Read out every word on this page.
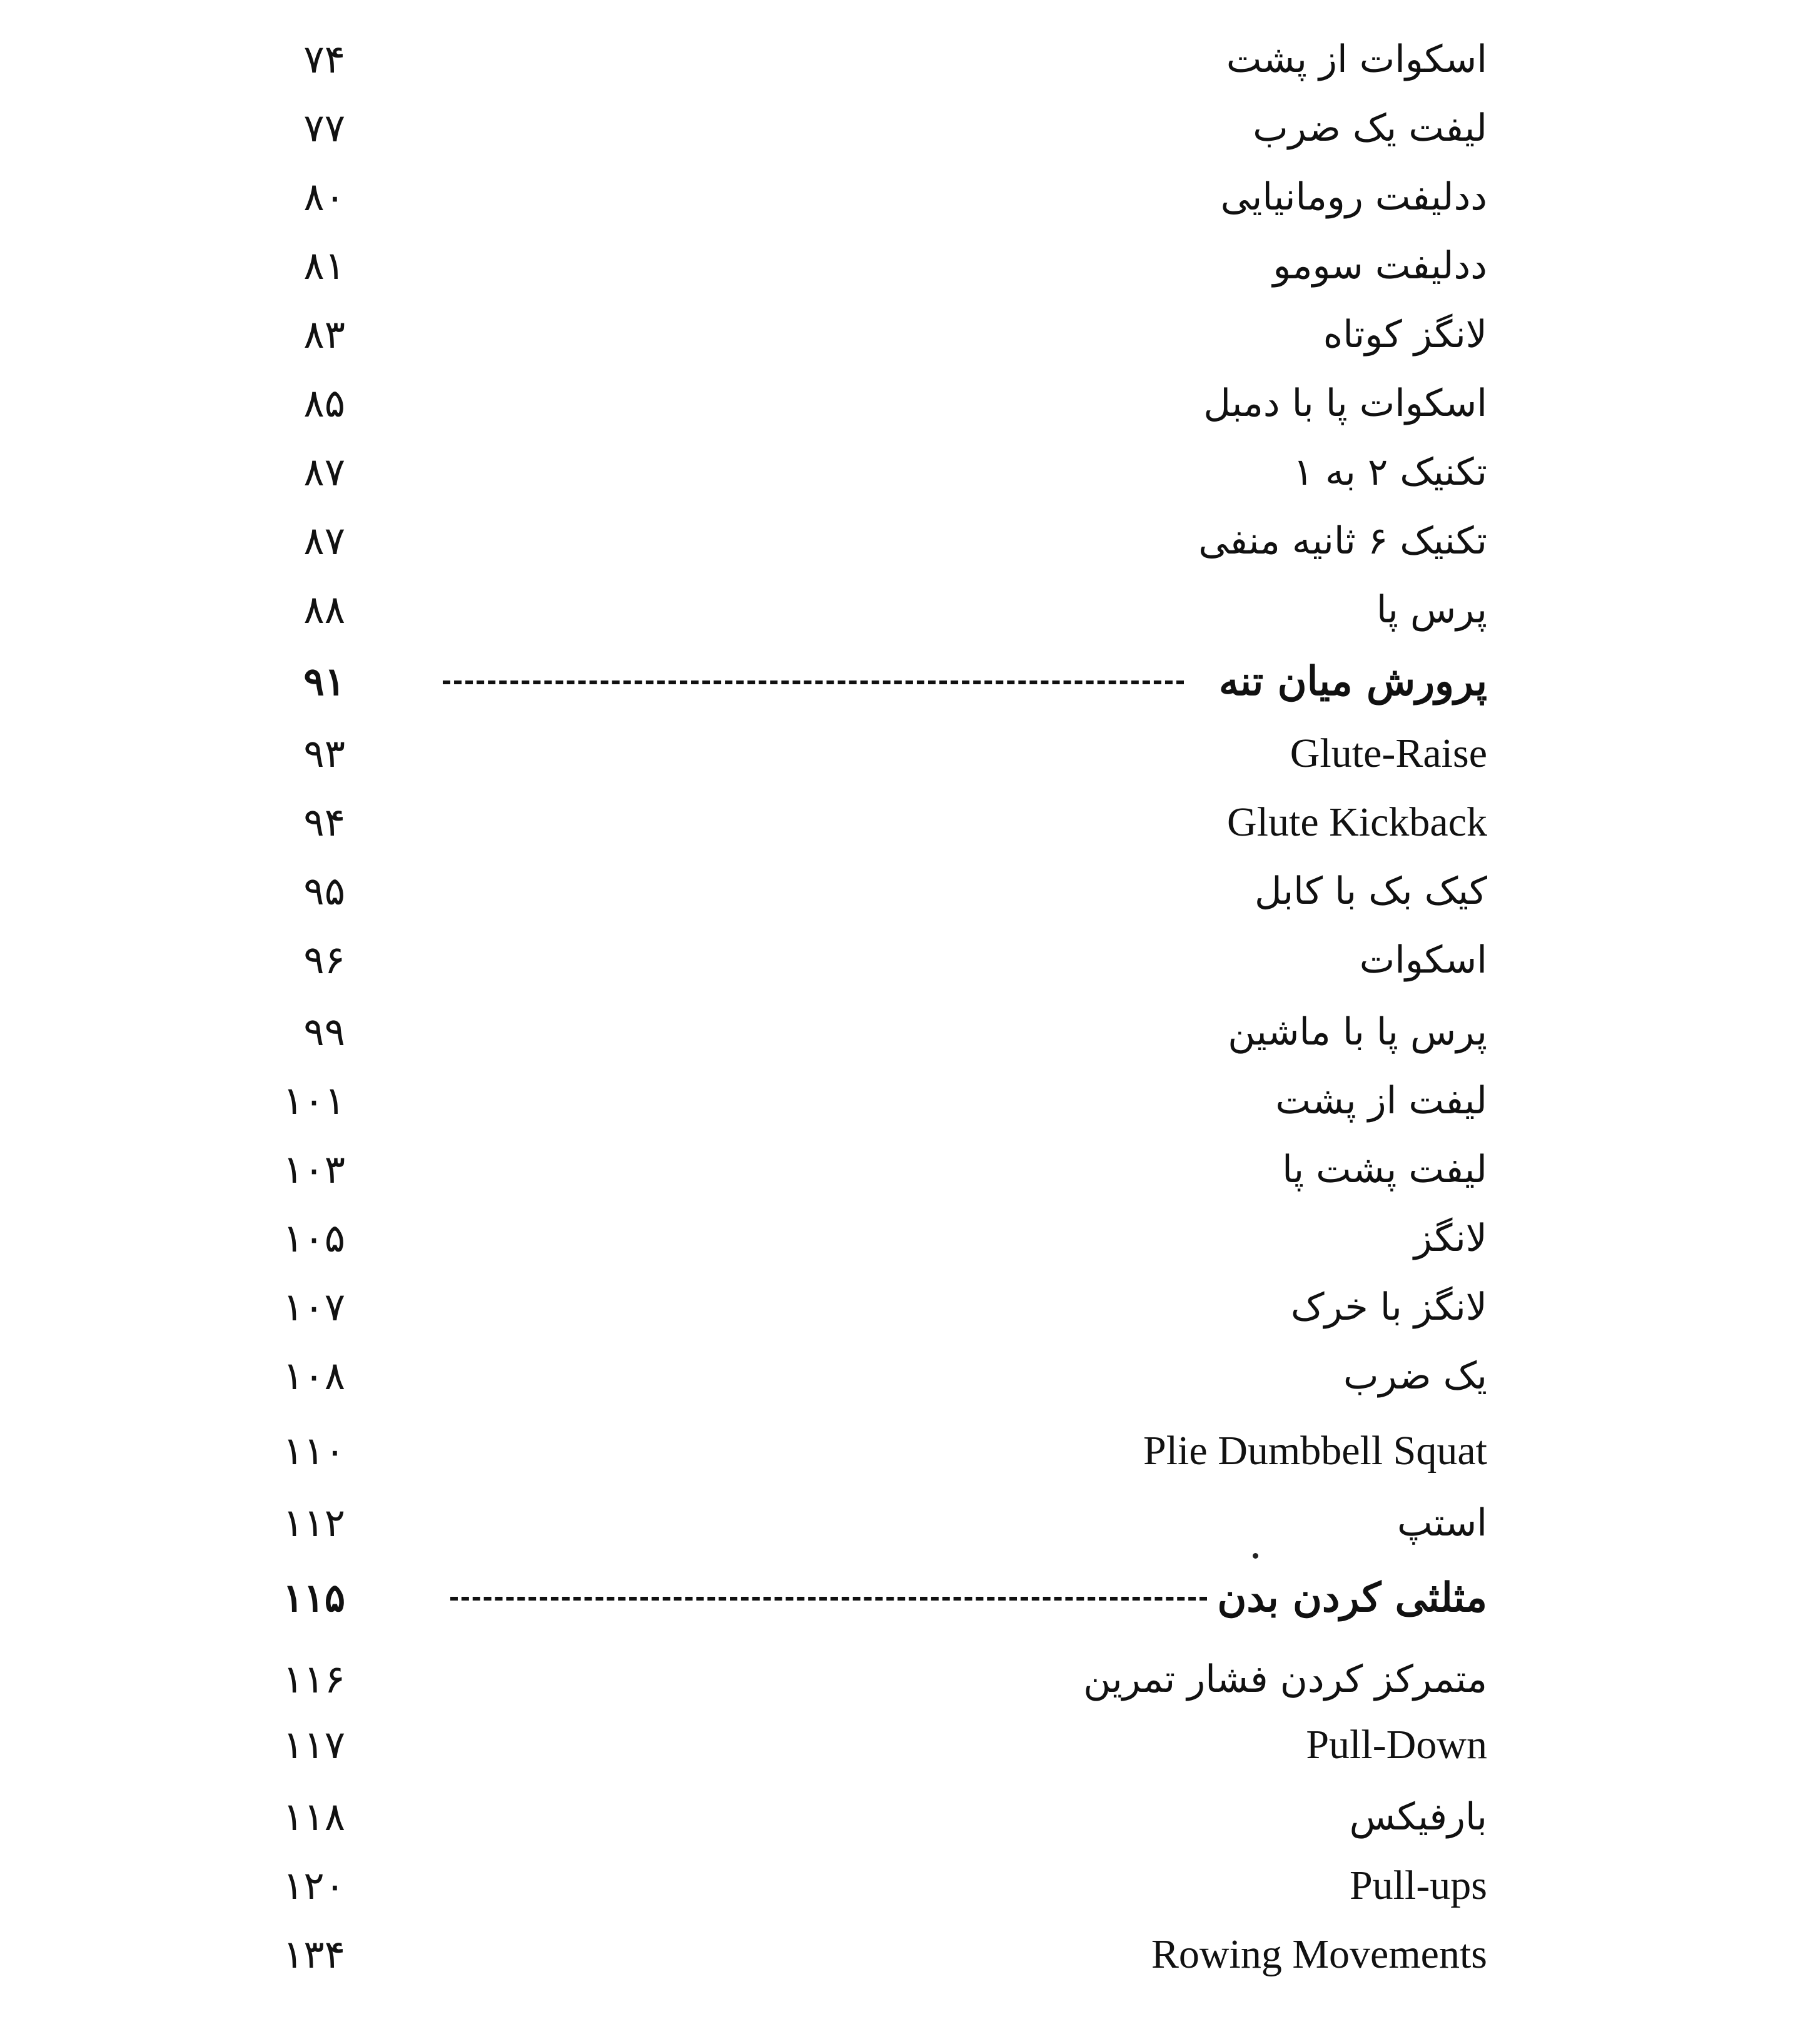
اسکوات از پشت
۷۴
لیفت یک ضرب
۷۷
ددلیفت رومانیایی
۸۰
ددلیفت سومو
۸۱
لانگز کوتاه
۸۳
اسکوات پا با دمبل
۸۵
تکنیک ۲ به ۱
۸۷
تکنیک ۶ ثانیه منفی
۸۷
پرس پا
۸۸
پرورش میان تنه
۹۱
Glute-Raise
۹۳
Glute Kickback
۹۴
کیک بک با کابل
۹۵
اسکوات
۹۶
پرس پا با ماشین
۹۹
لیفت از پشت
۱۰۱
لیفت پشت پا
۱۰۳
لانگز
۱۰۵
لانگز با خرک
۱۰۷
یک ضرب
۱۰۸
Plie Dumbbell Squat
۱۱۰
استپ
۱۱۲
مثلثی کردن بدن
۱۱۵
متمرکز کردن فشار تمرین
۱۱۶
Pull-Down
۱۱۷
بارفیکس
۱۱۸
Pull-ups
۱۲۰
Rowing Movements
۱۳۴
